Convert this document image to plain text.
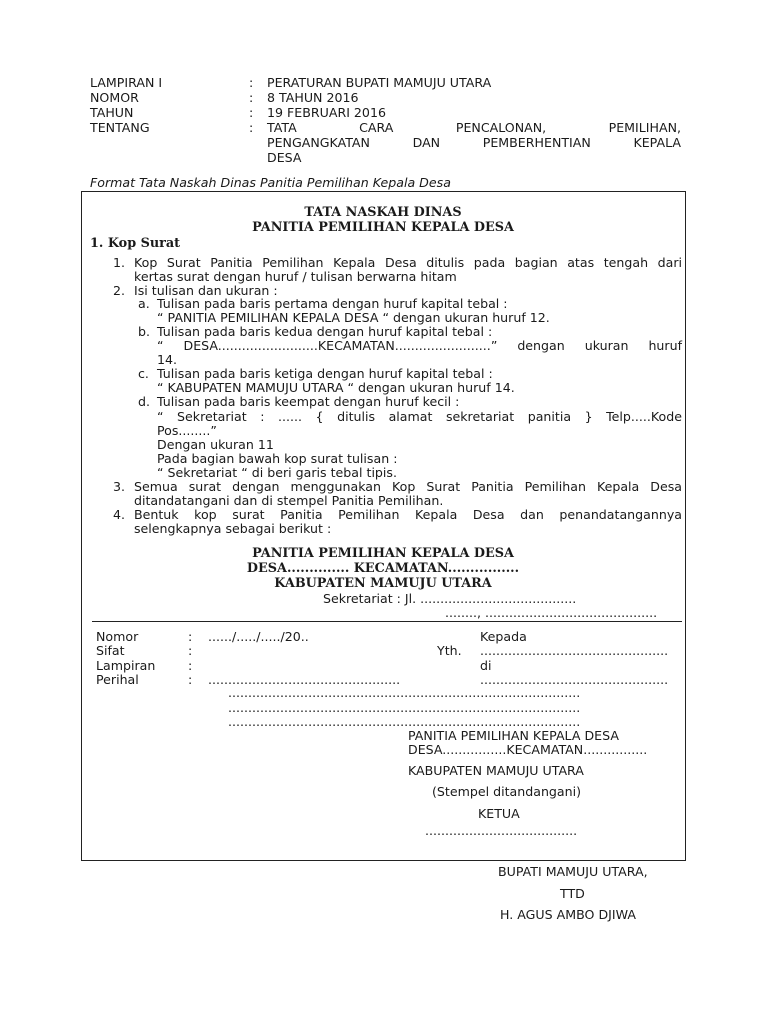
LAMPIRAN I	: PERATURAN BUPATI MAMUJU UTARA
NOMOR	: 8 TAHUN 2016
TAHUN	: 19 FEBRUARI 2016
TENTANG	: TATA CARA PENCALONAN, PEMILIHAN,
PENGANGKATAN DAN PEMBERHENTIAN KEPALA
DESA
Format Tata Naskah Dinas Panitia Pemilihan Kepala Desa
TATA NASKAH DINAS
PANITIA PEMILIHAN KEPALA DESA
1. Kop Surat
1. Kop Surat Panitia Pemilihan Kepala Desa ditulis pada bagian atas tengah dari
kertas surat dengan huruf / tulisan berwarna hitam
2. Isi tulisan dan ukuran :
a. Tulisan pada baris pertama dengan huruf kapital tebal :
“ PANITIA PEMILIHAN KEPALA DESA “ dengan ukuran huruf 12.
b. Tulisan pada baris kedua dengan huruf kapital tebal :
“ DESA.........................KECAMATAN........................” dengan ukuran huruf
14.
c. Tulisan pada baris ketiga dengan huruf kapital tebal :
“ KABUPATEN MAMUJU UTARA “ dengan ukuran huruf 14.
d. Tulisan pada baris keempat dengan huruf kecil :
“ Sekretariat : ...... { ditulis alamat sekretariat panitia } Telp.....Kode
Pos........”
Dengan ukuran 11
Pada bagian bawah kop surat tulisan :
“ Sekretariat “ di beri garis tebal tipis.
3. Semua surat dengan menggunakan Kop Surat Panitia Pemilihan Kepala Desa
ditandatangani dan di stempel Panitia Pemilihan.
4. Bentuk kop surat Panitia Pemilihan Kepala Desa dan penandatangannya
selengkapnya sebagai berikut :
PANITIA PEMILIHAN KEPALA DESA
DESA.............. KECAMATAN................
KABUPATEN MAMUJU UTARA
Sekretariat : Jl. .......................................
........, ...........................................
Nomor	: ....../...../...../20..
Sifat	:
Lampiran	:
Perihal	: ................................................
........................................................................................
........................................................................................
........................................................................................
Kepada
Yth. ...............................................
di
...............................................
PANITIA PEMILIHAN KEPALA DESA
DESA................KECAMATAN................
KABUPATEN MAMUJU UTARA
(Stempel ditandangani)
KETUA
......................................
BUPATI MAMUJU UTARA,
TTD
H. AGUS AMBO DJIWA
